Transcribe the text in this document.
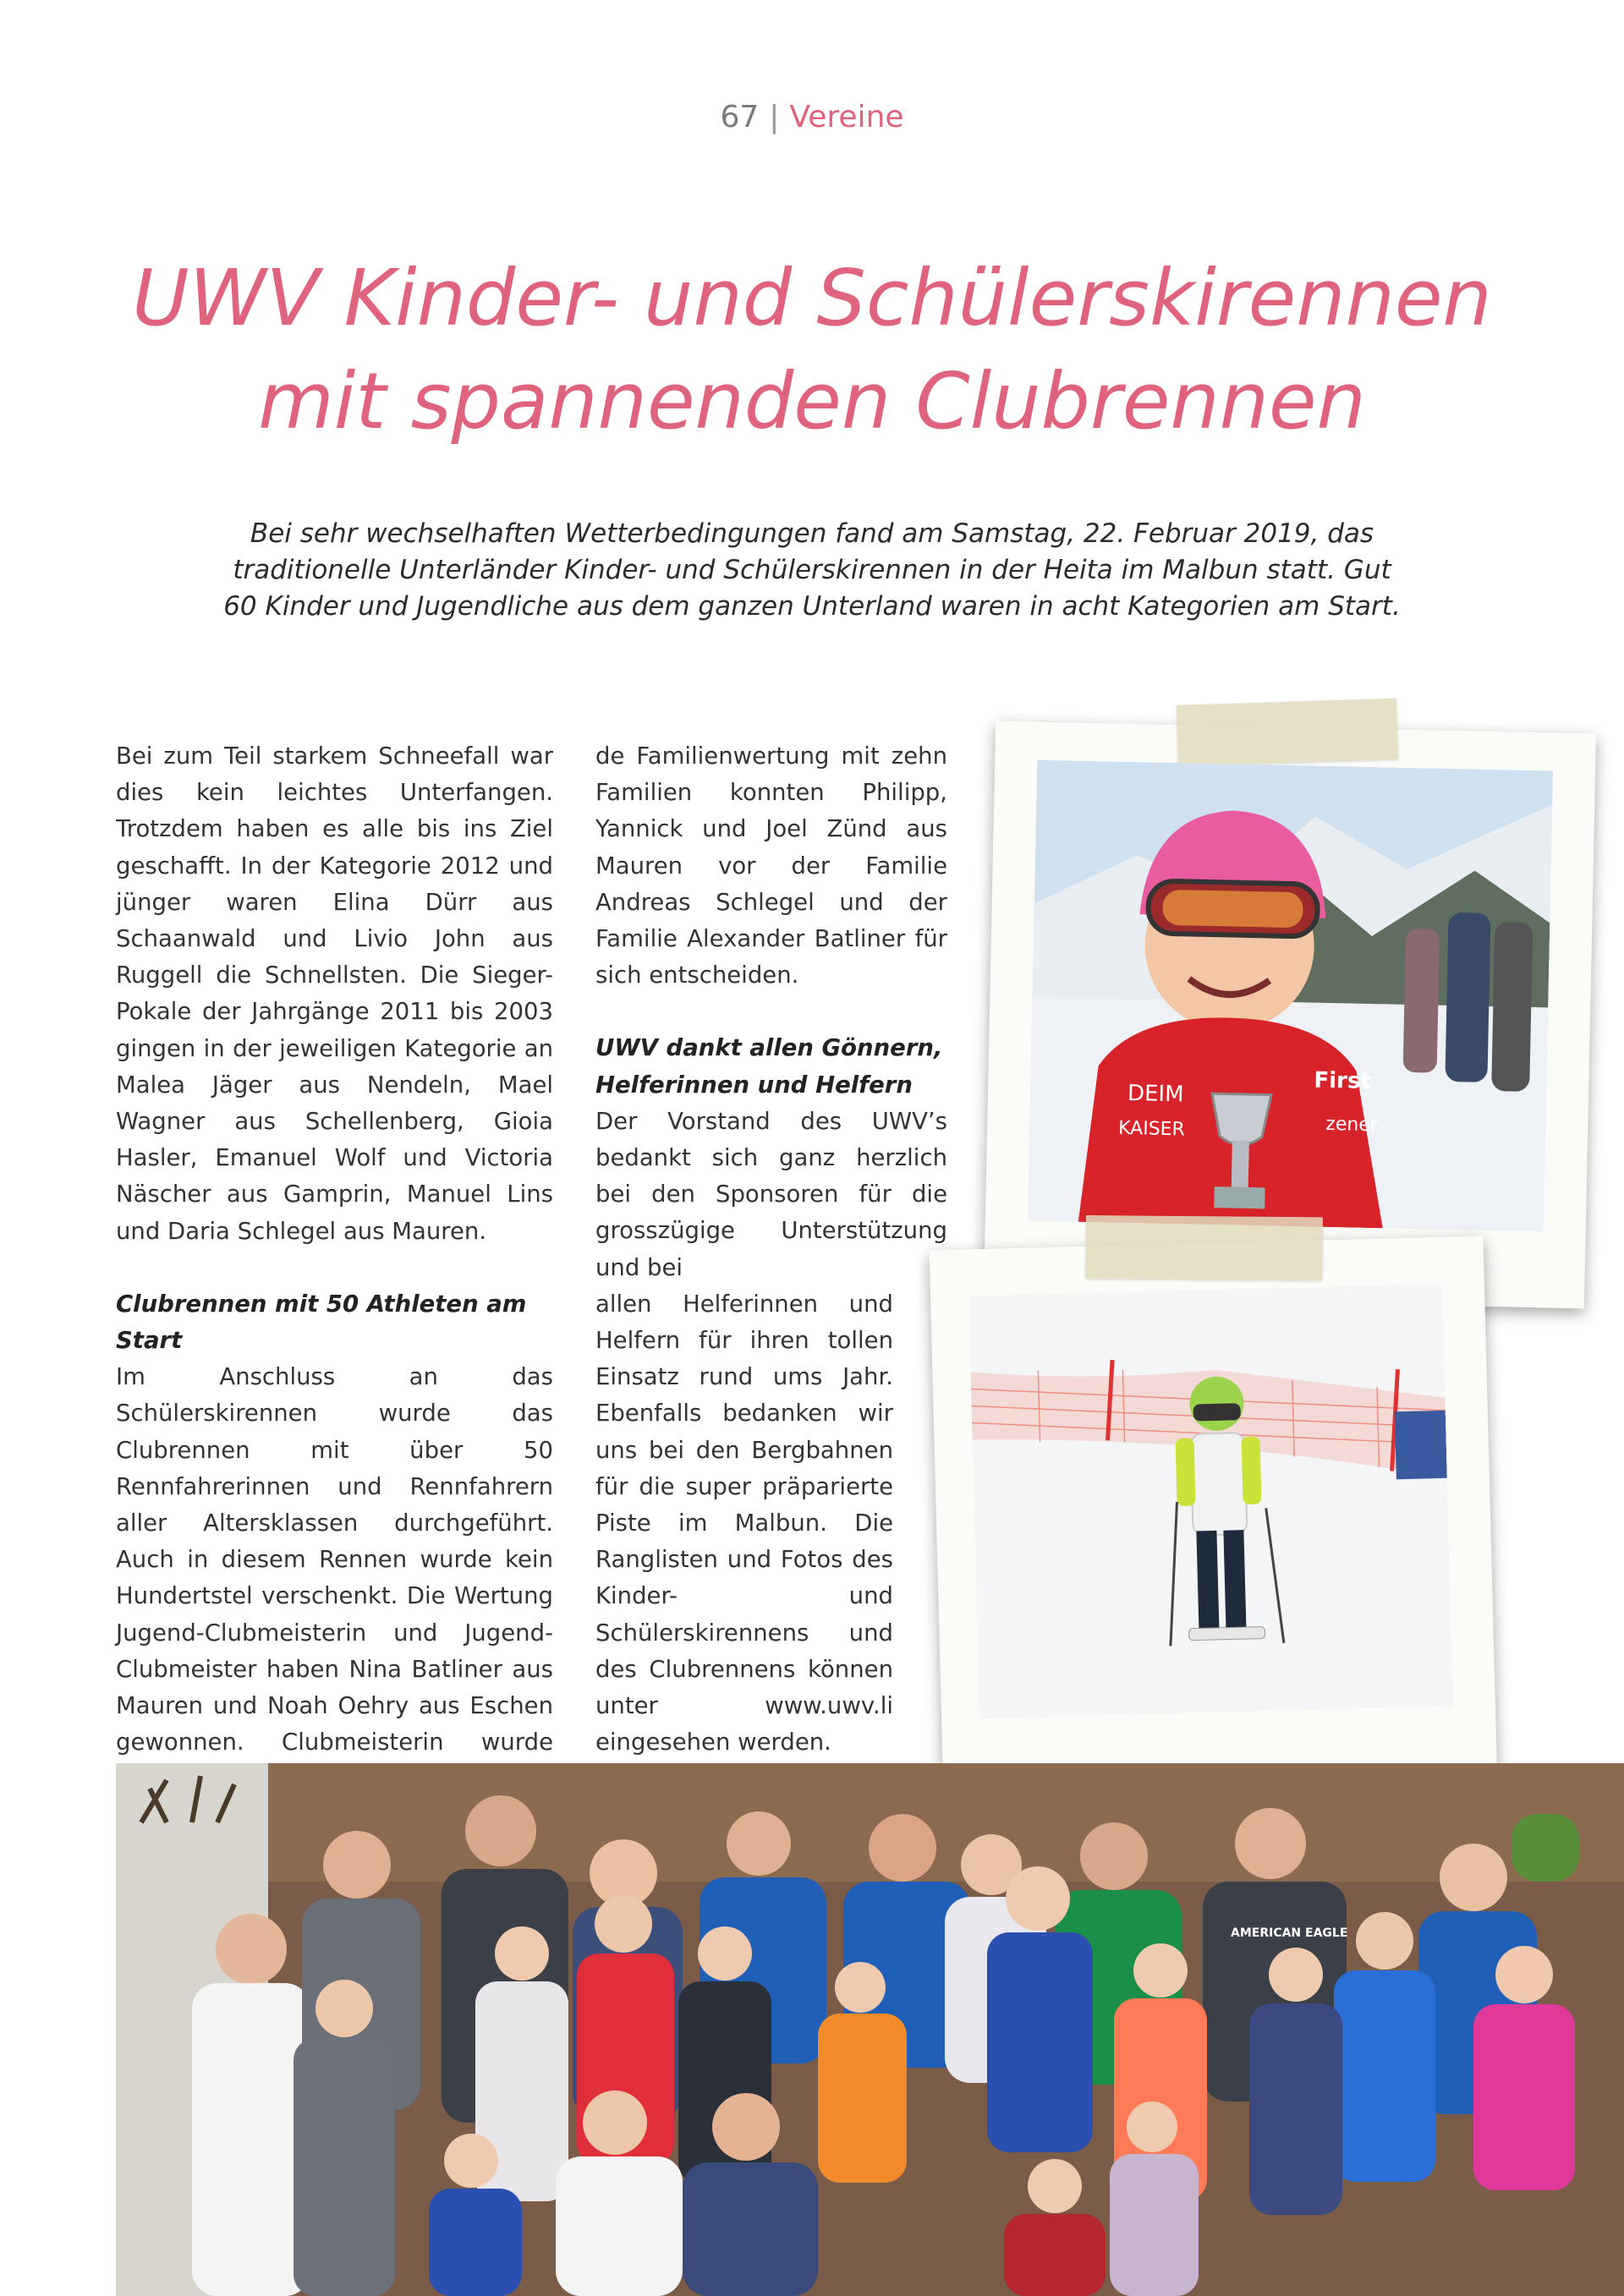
67 | Vereine
UWV Kinder- und Schülerskirennen
mit spannenden Clubrennen
Bei sehr wechselhaften Wetterbedingungen fand am Samstag, 22. Februar 2019, das traditionelle Unterländer Kinder- und Schülerskirennen in der Heita im Malbun statt. Gut 60 Kinder und Jugendliche aus dem ganzen Unterland waren in acht Kategorien am Start.

Bei zum Teil starkem Schneefall war dies kein leichtes Unterfangen. Trotzdem haben es alle bis ins Ziel geschafft. In der Kategorie 2012 und jünger waren Elina Dürr aus Schaanwald und Livio John aus Ruggell die Schnellsten. Die Sieger-Pokale der Jahrgänge 2011 bis 2003 gingen in der jeweiligen Kategorie an Malea Jäger aus Nendeln, Mael Wagner aus Schellenberg, Gioia Hasler, Emanuel Wolf und Victoria Näscher aus Gamprin, Manuel Lins und Daria Schlegel aus Mauren.

Clubrennen mit 50 Athleten am Start

Im Anschluss an das Schülerskirennen wurde das Clubrennen mit über 50 Rennfahrerinnen und Rennfahrern aller Altersklassen durchgeführt. Auch in diesem Rennen wurde kein Hundertstel verschenkt. Die Wertung Jugend-Clubmeisterin und Jugend-Clubmeister haben Nina Batliner aus Mauren und Noah Oehry aus Eschen gewonnen. Clubmeisterin wurde

de Familienwertung mit zehn Familien konnten Philipp, Yannick und Joel Zünd aus Mauren vor der Familie Andreas Schlegel und der Familie Alexander Batliner für sich entscheiden.

UWV dankt allen Gönnern, Helferinnen und Helfern

Der Vorstand des UWV’s bedankt sich ganz herzlich bei den Sponsoren für die grosszügige Unterstützung und bei

allen Helferinnen und Helfern für ihren tollen Einsatz rund ums Jahr. Ebenfalls bedanken wir uns bei den Bergbahnen für die super präparierte Piste im Malbun. Die Ranglisten und Fotos des Kinder- und Schülerskirennens und des Clubrennens können unter www.uwv.li eingesehen werden.

DEIM	First
KAISER	zener
AMERICAN EAGLE
